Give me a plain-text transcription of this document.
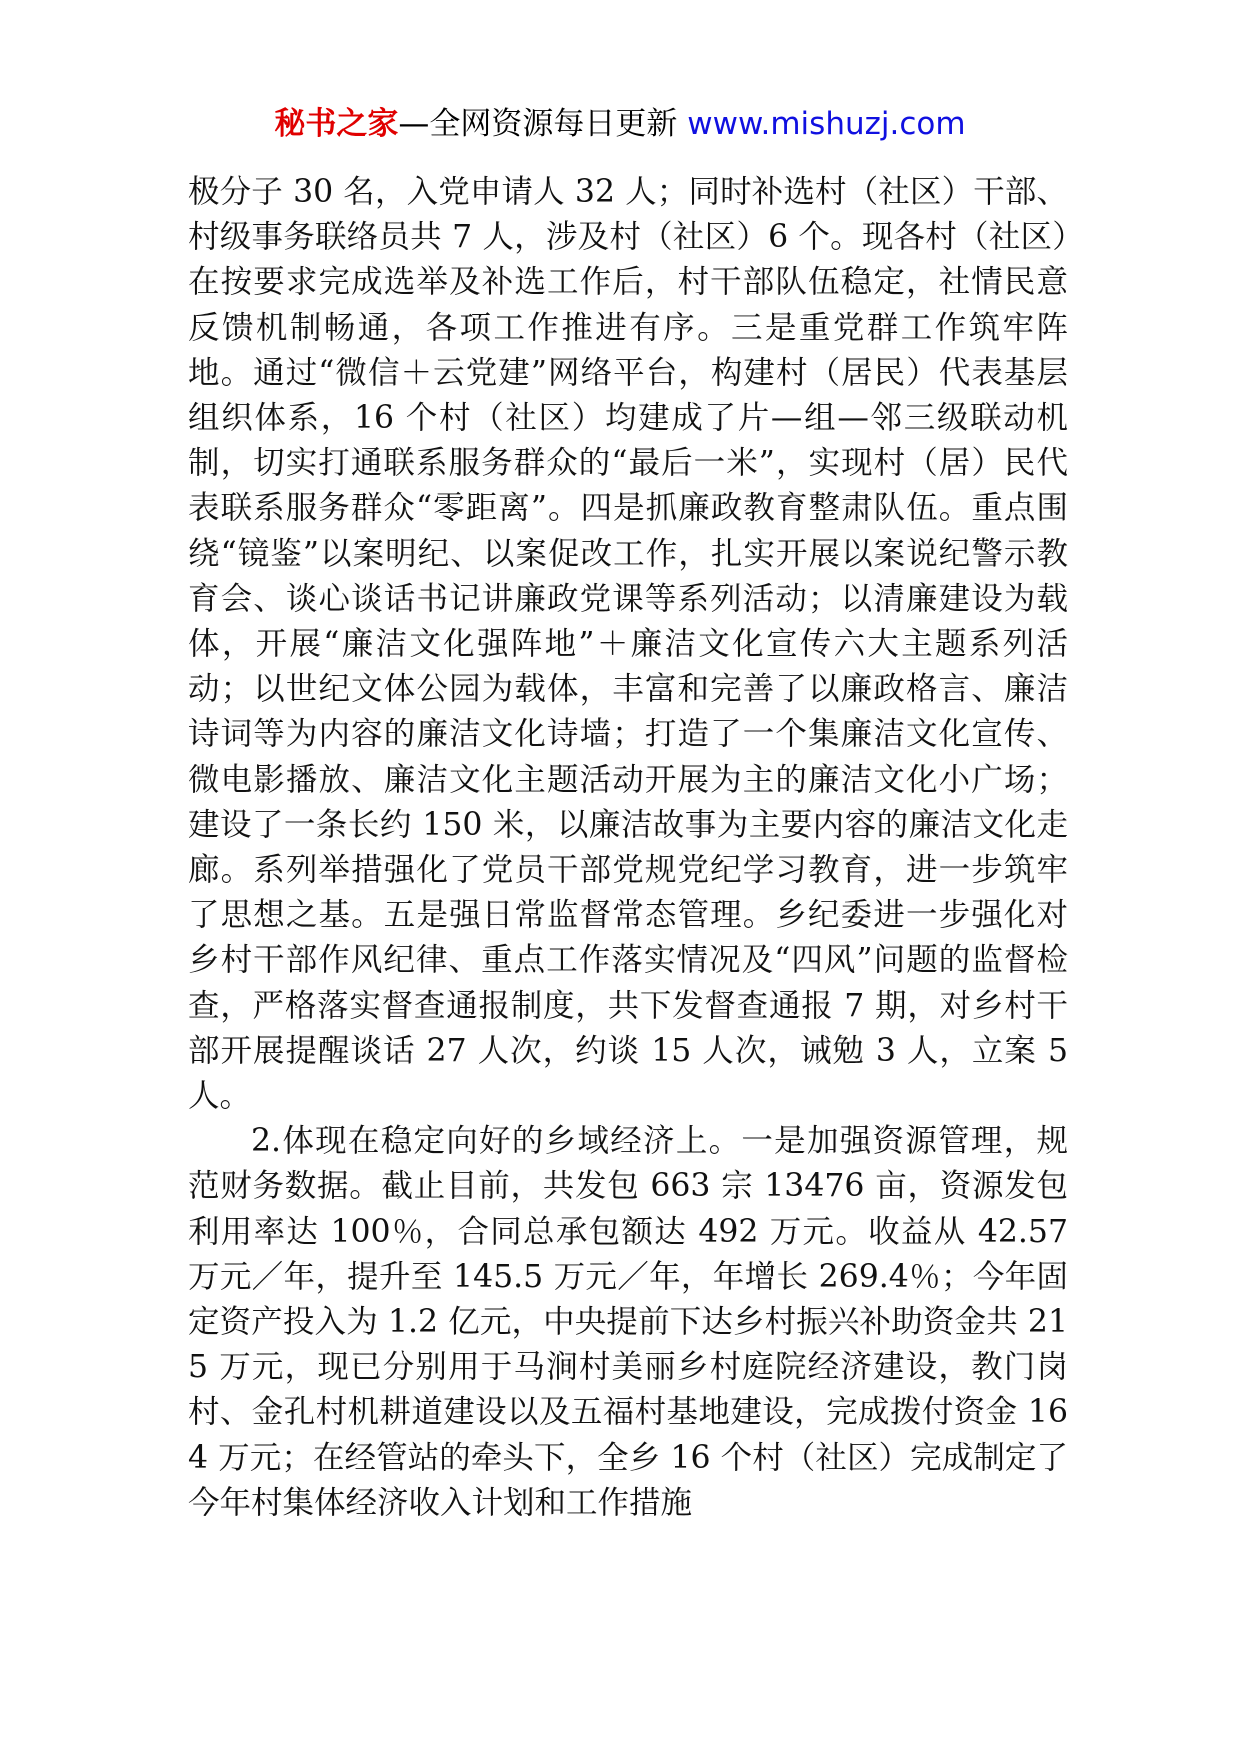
秘书之家—全网资源每日更新 www.mishuzj.com

极分子 30 名，入党申请人 32 人；同时补选村（社区）干部、村级事务联络员共 7 人，涉及村（社区）6 个。现各村（社区）在按要求完成选举及补选工作后，村干部队伍稳定，社情民意反馈机制畅通，各项工作推进有序。三是重党群工作筑牢阵地。通过“微信＋云党建”网络平台，构建村（居民）代表基层组织体系，16 个村（社区）均建成了片—组—邻三级联动机制，切实打通联系服务群众的“最后一米”，实现村（居）民代表联系服务群众“零距离”。四是抓廉政教育整肃队伍。重点围绕“镜鉴”以案明纪、以案促改工作，扎实开展以案说纪警示教育会、谈心谈话书记讲廉政党课等系列活动；以清廉建设为载体，开展“廉洁文化强阵地”＋廉洁文化宣传六大主题系列活动；以世纪文体公园为载体，丰富和完善了以廉政格言、廉洁诗词等为内容的廉洁文化诗墙；打造了一个集廉洁文化宣传、微电影播放、廉洁文化主题活动开展为主的廉洁文化小广场；建设了一条长约 150 米，以廉洁故事为主要内容的廉洁文化走廊。系列举措强化了党员干部党规党纪学习教育，进一步筑牢了思想之基。五是强日常监督常态管理。乡纪委进一步强化对乡村干部作风纪律、重点工作落实情况及“四风”问题的监督检查，严格落实督查通报制度，共下发督查通报 7 期，对乡村干部开展提醒谈话 27 人次，约谈 15 人次，诫勉 3 人，立案 5 人。

2.体现在稳定向好的乡域经济上。一是加强资源管理，规范财务数据。截止目前，共发包 663 宗 13476 亩，资源发包利用率达 100％，合同总承包额达 492 万元。收益从 42.57 万元／年，提升至 145.5 万元／年，年增长 269.4％；今年固定资产投入为 1.2 亿元，中央提前下达乡村振兴补助资金共 215 万元，现已分别用于马涧村美丽乡村庭院经济建设，教门岗村、金孔村机耕道建设以及五福村基地建设，完成拨付资金 164 万元；在经管站的牵头下，全乡 16 个村（社区）完成制定了今年村集体经济收入计划和工作措施
